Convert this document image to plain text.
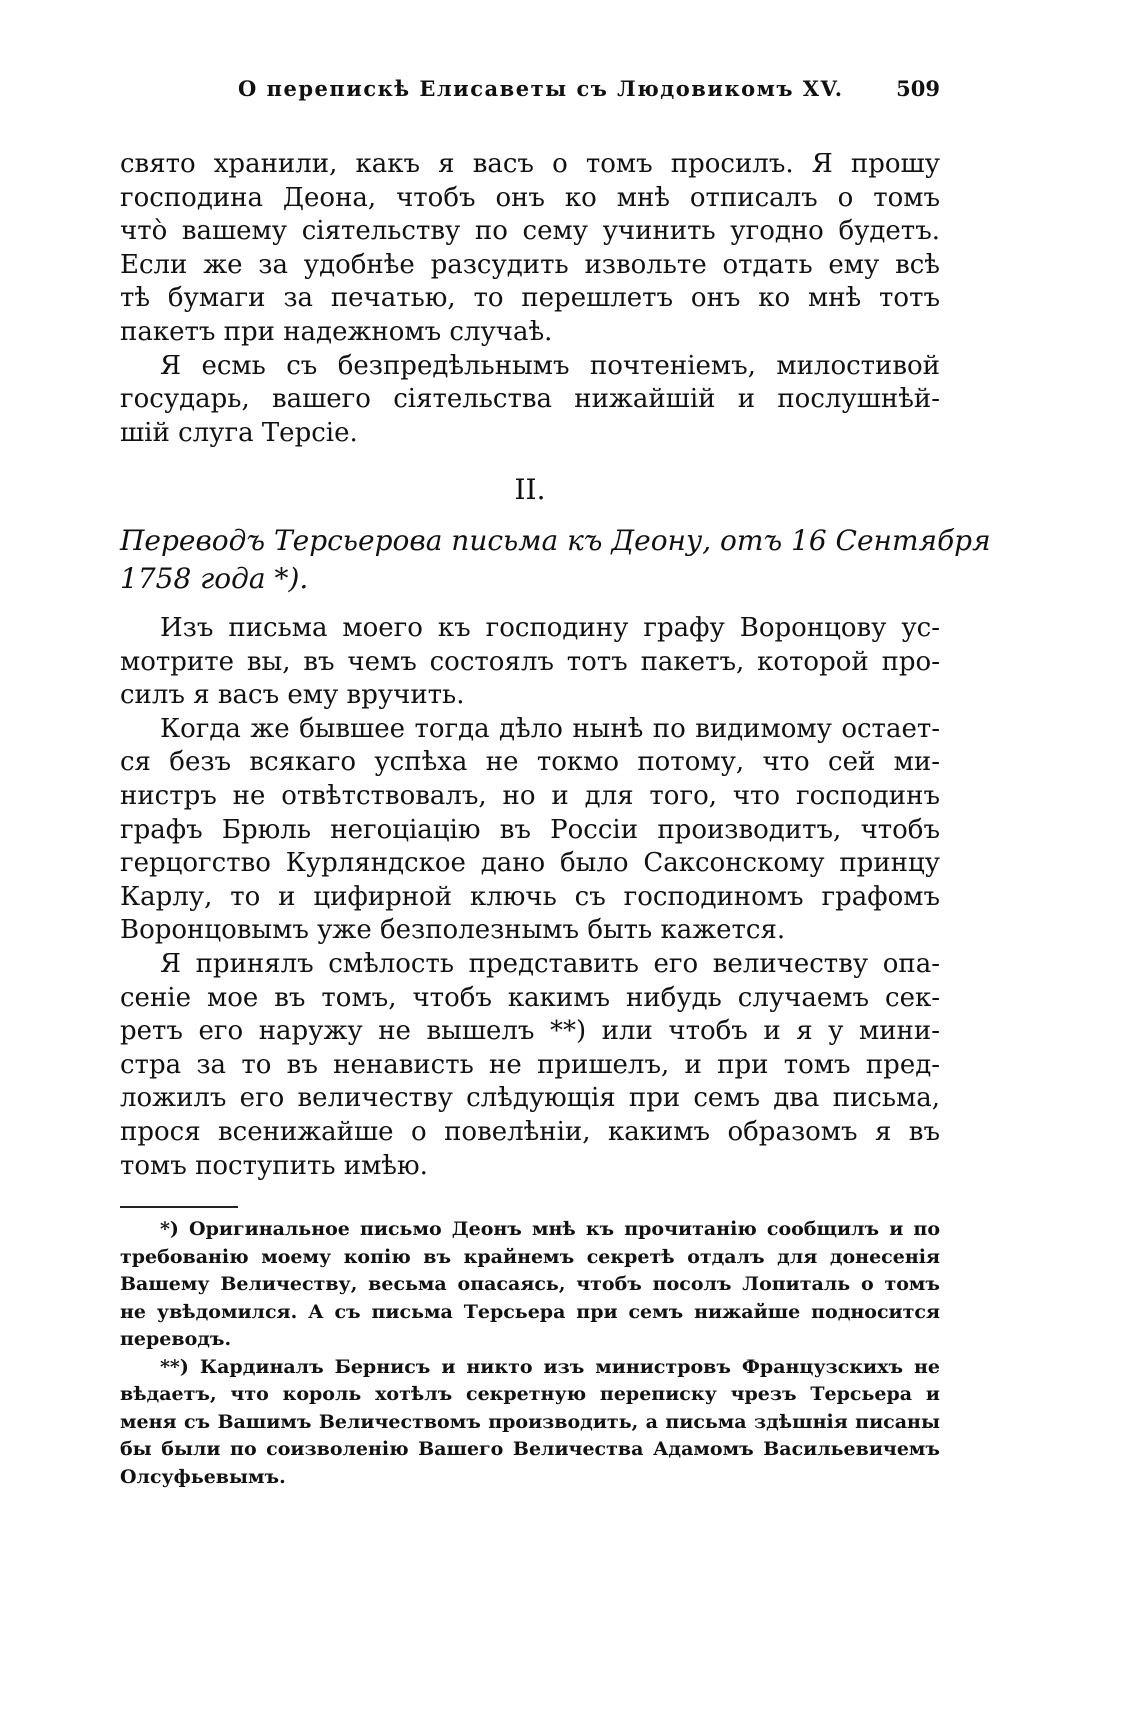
О перепискѣ Елисаветы съ Людовикомъ XV.	509
свято хранили, какъ я васъ о томъ просилъ. Я прошу
господина Деона, чтобъ онъ ко мнѣ отписалъ о томъ
чтò вашему сіятельству по сему учинить угодно будетъ.
Если же за удобнѣе разсудить извольте отдать ему всѣ
тѣ бумаги за печатью, то перешлетъ онъ ко мнѣ тотъ
пакетъ при надежномъ случаѣ.
Я есмь съ безпредѣльнымъ почтеніемъ, милостивой
государь, вашего сіятельства нижайшій и послушнѣй-
шій слуга Терсіе.
II.
Переводъ Терсьерова письма къ Деону, отъ 16 Сентября
1758 года *).
Изъ письма моего къ господину графу Воронцову ус-
мотрите вы, въ чемъ состоялъ тотъ пакетъ, которой про-
силъ я васъ ему вручить.
Когда же бывшее тогда дѣло нынѣ по видимому остает-
ся безъ всякаго успѣха не токмо потому, что сей ми-
нистръ не отвѣтствовалъ, но и для того, что господинъ
графъ Брюль негоціацію въ Россіи производитъ, чтобъ
герцогство Курляндское дано было Саксонскому принцу
Карлу, то и цифирной ключь съ господиномъ графомъ
Воронцовымъ уже безполезнымъ быть кажется.
Я принялъ смѣлость представить его величеству опа-
сеніе мое въ томъ, чтобъ какимъ нибудь случаемъ сек-
ретъ его наружу не вышелъ **) или чтобъ и я у мини-
стра за то въ ненависть не пришелъ, и при томъ пред-
ложилъ его величеству слѣдующія при семъ два письма,
прося всенижайше о повелѣніи, какимъ образомъ я въ
томъ поступить имѣю.
*) Оригинальное письмо Деонъ мнѣ къ прочитанію сообщилъ и по
требованію моему копію въ крайнемъ секретѣ отдалъ для донесенія
Вашему Величеству, весьма опасаясь, чтобъ посолъ Лопиталь о томъ
не увѣдомился. А съ письма Терсьера при семъ нижайше подносится
переводъ.
**) Кардиналъ Бернисъ и никто изъ министровъ Французскихъ не
вѣдаетъ, что король хотѣлъ секретную переписку чрезъ Терсьера и
меня съ Вашимъ Величествомъ производить, а письма здѣшнія писаны
бы были по соизволенію Вашего Величества Адамомъ Васильевичемъ
Олсуфьевымъ.
